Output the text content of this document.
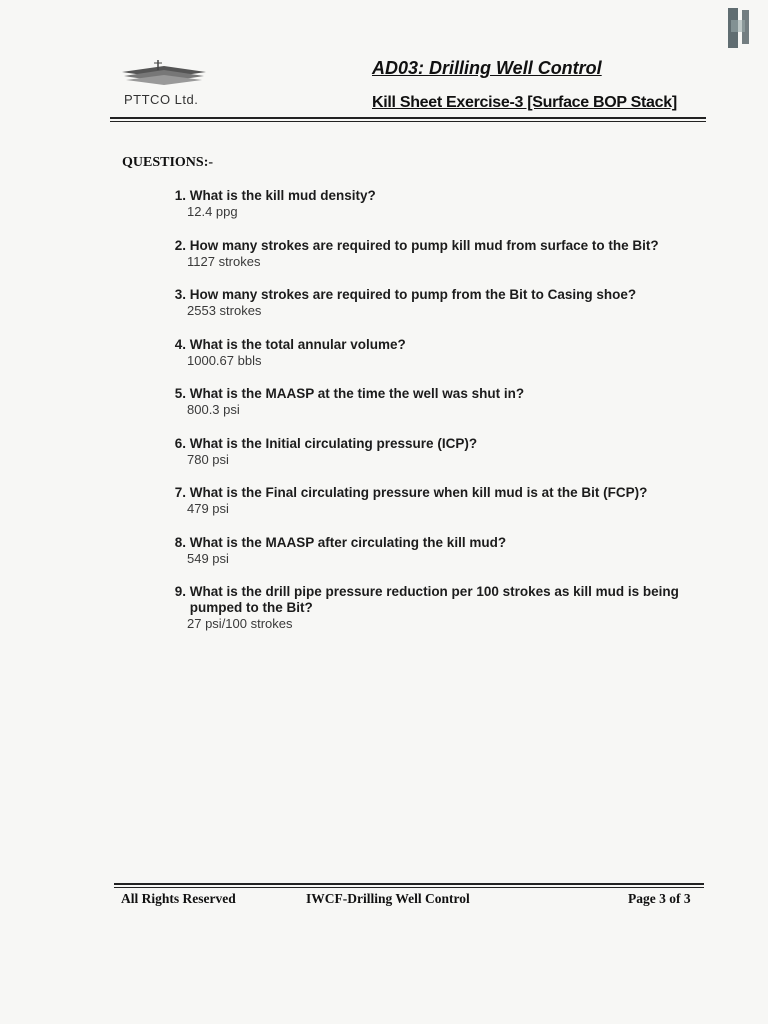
PTTCO Ltd.
AD03: Drilling Well Control
Kill Sheet Exercise-3 [Surface BOP Stack]
QUESTIONS:-
1.
What is the kill mud density?
12.4 ppg
2.
How many strokes are required to pump kill mud from surface to the Bit?
1127 strokes
3.
How many strokes are required to pump from the Bit to Casing shoe?
2553 strokes
4.
What is the total annular volume?
1000.67 bbls
5.
What is the MAASP at the time the well was shut in?
800.3 psi
6.
What is the Initial circulating pressure (ICP)?
780 psi
7.
What is the Final circulating pressure when kill mud is at the Bit (FCP)?
479 psi
8.
What is the MAASP after circulating the kill mud?
549 psi
9.
What is the drill pipe pressure reduction per 100 strokes as kill mud is being pumped to the Bit?
27 psi/100 strokes
All Rights Reserved	IWCF-Drilling Well Control	Page 3 of 3
